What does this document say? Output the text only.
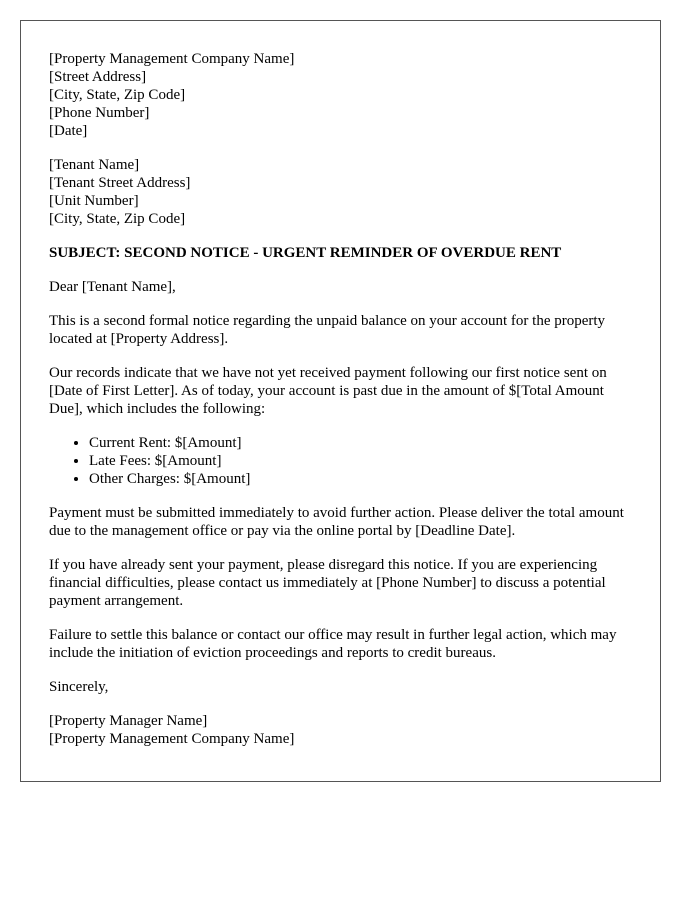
[Property Management Company Name]
[Street Address]
[City, State, Zip Code]
[Phone Number]
[Date]
[Tenant Name]
[Tenant Street Address]
[Unit Number]
[City, State, Zip Code]
SUBJECT: SECOND NOTICE - URGENT REMINDER OF OVERDUE RENT

Dear [Tenant Name],

This is a second formal notice regarding the unpaid balance on your account for the property located at [Property Address].

Our records indicate that we have not yet received payment following our first notice sent on [Date of First Letter]. As of today, your account is past due in the amount of $[Total Amount Due], which includes the following:

• Current Rent: $[Amount]
• Late Fees: $[Amount]
• Other Charges: $[Amount]

Payment must be submitted immediately to avoid further action. Please deliver the total amount due to the management office or pay via the online portal by [Deadline Date].

If you have already sent your payment, please disregard this notice. If you are experiencing financial difficulties, please contact us immediately at [Phone Number] to discuss a potential payment arrangement.

Failure to settle this balance or contact our office may result in further legal action, which may include the initiation of eviction proceedings and reports to credit bureaus.

Sincerely,

[Property Manager Name]
[Property Management Company Name]
